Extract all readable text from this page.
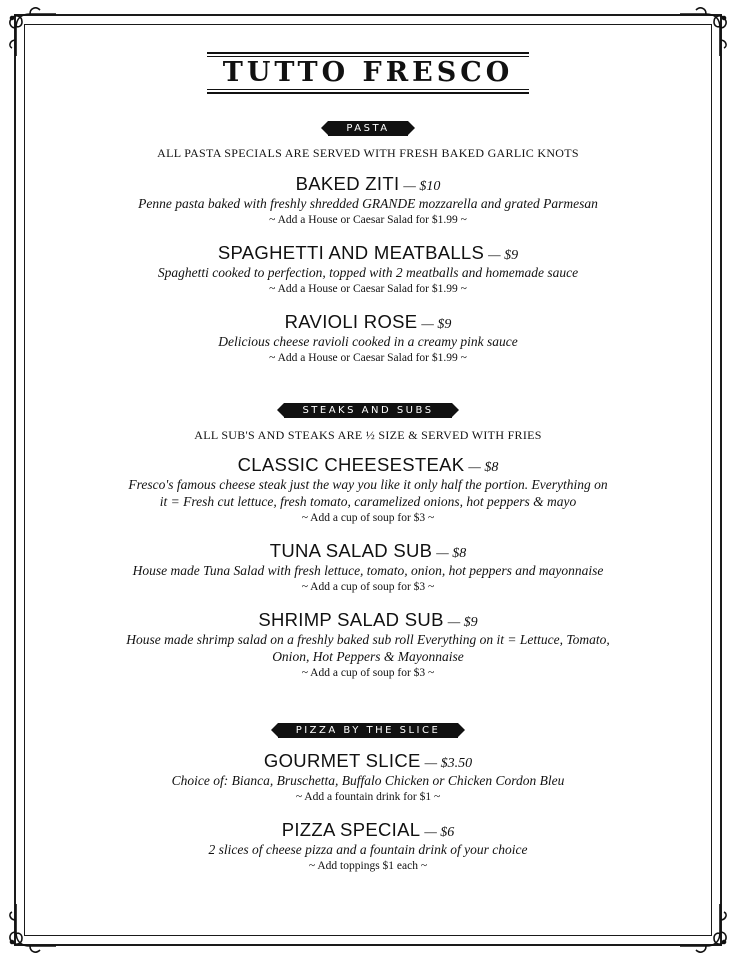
TUTTO FRESCO
PASTA
ALL PASTA SPECIALS ARE SERVED WITH FRESH BAKED GARLIC KNOTS
BAKED ZITI — $10
Penne pasta baked with freshly shredded GRANDE mozzarella and grated Parmesan
~ Add a House or Caesar Salad for $1.99 ~
SPAGHETTI AND MEATBALLS — $9
Spaghetti cooked to perfection, topped with 2 meatballs and homemade sauce
~ Add a House or Caesar Salad for $1.99 ~
RAVIOLI ROSE — $9
Delicious cheese ravioli cooked in a creamy pink sauce
~ Add a House or Caesar Salad for $1.99 ~
STEAKS AND SUBS
ALL SUB'S AND STEAKS ARE ½ SIZE & SERVED WITH FRIES
CLASSIC CHEESESTEAK — $8
Fresco's famous cheese steak just the way you like it only half the portion. Everything on
it = Fresh cut lettuce, fresh tomato, caramelized onions, hot peppers & mayo
~ Add a cup of soup for $3 ~
TUNA SALAD SUB — $8
House made Tuna Salad with fresh lettuce, tomato, onion, hot peppers and mayonnaise
~ Add a cup of soup for $3 ~
SHRIMP SALAD SUB — $9
House made shrimp salad on a freshly baked sub roll Everything on it = Lettuce, Tomato,
Onion, Hot Peppers & Mayonnaise
~ Add a cup of soup for $3 ~
PIZZA BY THE SLICE
GOURMET SLICE — $3.50
Choice of: Bianca, Bruschetta, Buffalo Chicken or Chicken Cordon Bleu
~ Add a fountain drink for $1 ~
PIZZA SPECIAL — $6
2 slices of cheese pizza and a fountain drink of your choice
~ Add toppings $1 each ~
